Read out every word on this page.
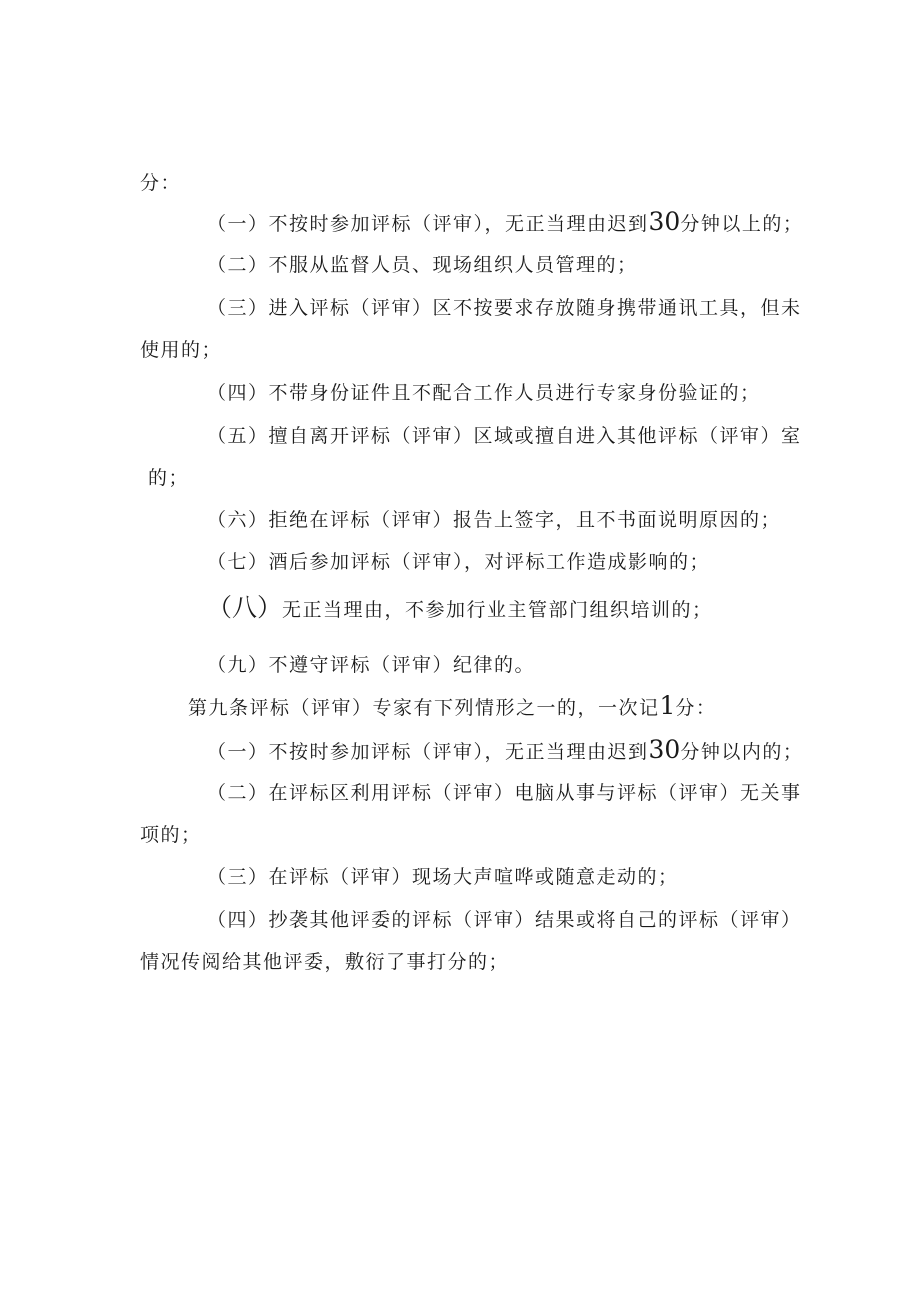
分：
（一）不按时参加评标（评审），无正当理由迟到30分钟以上的；
（二）不服从监督人员、现场组织人员管理的；
（三）进入评标（评审）区不按要求存放随身携带通讯工具，但未
使用的；
（四）不带身份证件且不配合工作人员进行专家身份验证的；
（五）擅自离开评标（评审）区域或擅自进入其他评标（评审）室
的；
（六）拒绝在评标（评审）报告上签字，且不书面说明原因的；
（七）酒后参加评标（评审），对评标工作造成影响的；
（八）无正当理由，不参加行业主管部门组织培训的；
（九）不遵守评标（评审）纪律的。
第九条评标（评审）专家有下列情形之一的，一次记1分：
（一）不按时参加评标（评审），无正当理由迟到30分钟以内的；
（二）在评标区利用评标（评审）电脑从事与评标（评审）无关事
项的；
（三）在评标（评审）现场大声喧哗或随意走动的；
（四）抄袭其他评委的评标（评审）结果或将自己的评标（评审）
情况传阅给其他评委，敷衍了事打分的；
